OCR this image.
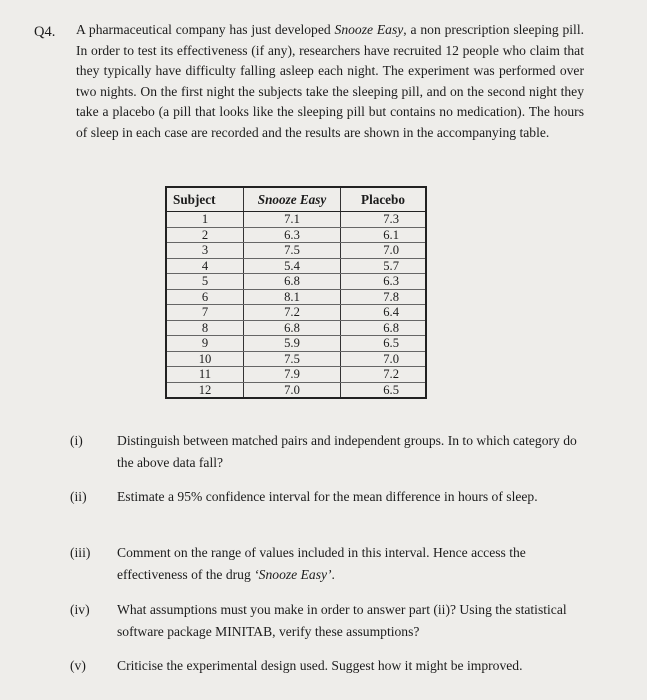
Q4. A pharmaceutical company has just developed Snooze Easy, a non prescription sleeping pill. In order to test its effectiveness (if any), researchers have recruited 12 people who claim that they typically have difficulty falling asleep each night. The experiment was performed over two nights. On the first night the subjects take the sleeping pill, and on the second night they take a placebo (a pill that looks like the sleeping pill but contains no medication). The hours of sleep in each case are recorded and the results are shown in the accompanying table.
Subject	Snooze Easy	Placebo
1	7.1	7.3
2	6.3	6.1
3	7.5	7.0
4	5.4	5.7
5	6.8	6.3
6	8.1	7.8
7	7.2	6.4
8	6.8	6.8
9	5.9	6.5
10	7.5	7.0
11	7.9	7.2
12	7.0	6.5
(i)	Distinguish between matched pairs and independent groups. In to which category do the above data fall?
(ii) Estimate a 95% confidence interval for the mean difference in hours of sleep.
(iii) Comment on the range of values included in this interval. Hence access the effectiveness of the drug ‘Snooze Easy’.
(iv) What assumptions must you make in order to answer part (ii)? Using the statistical software package MINITAB, verify these assumptions?
(v) Criticise the experimental design used. Suggest how it might be improved.
